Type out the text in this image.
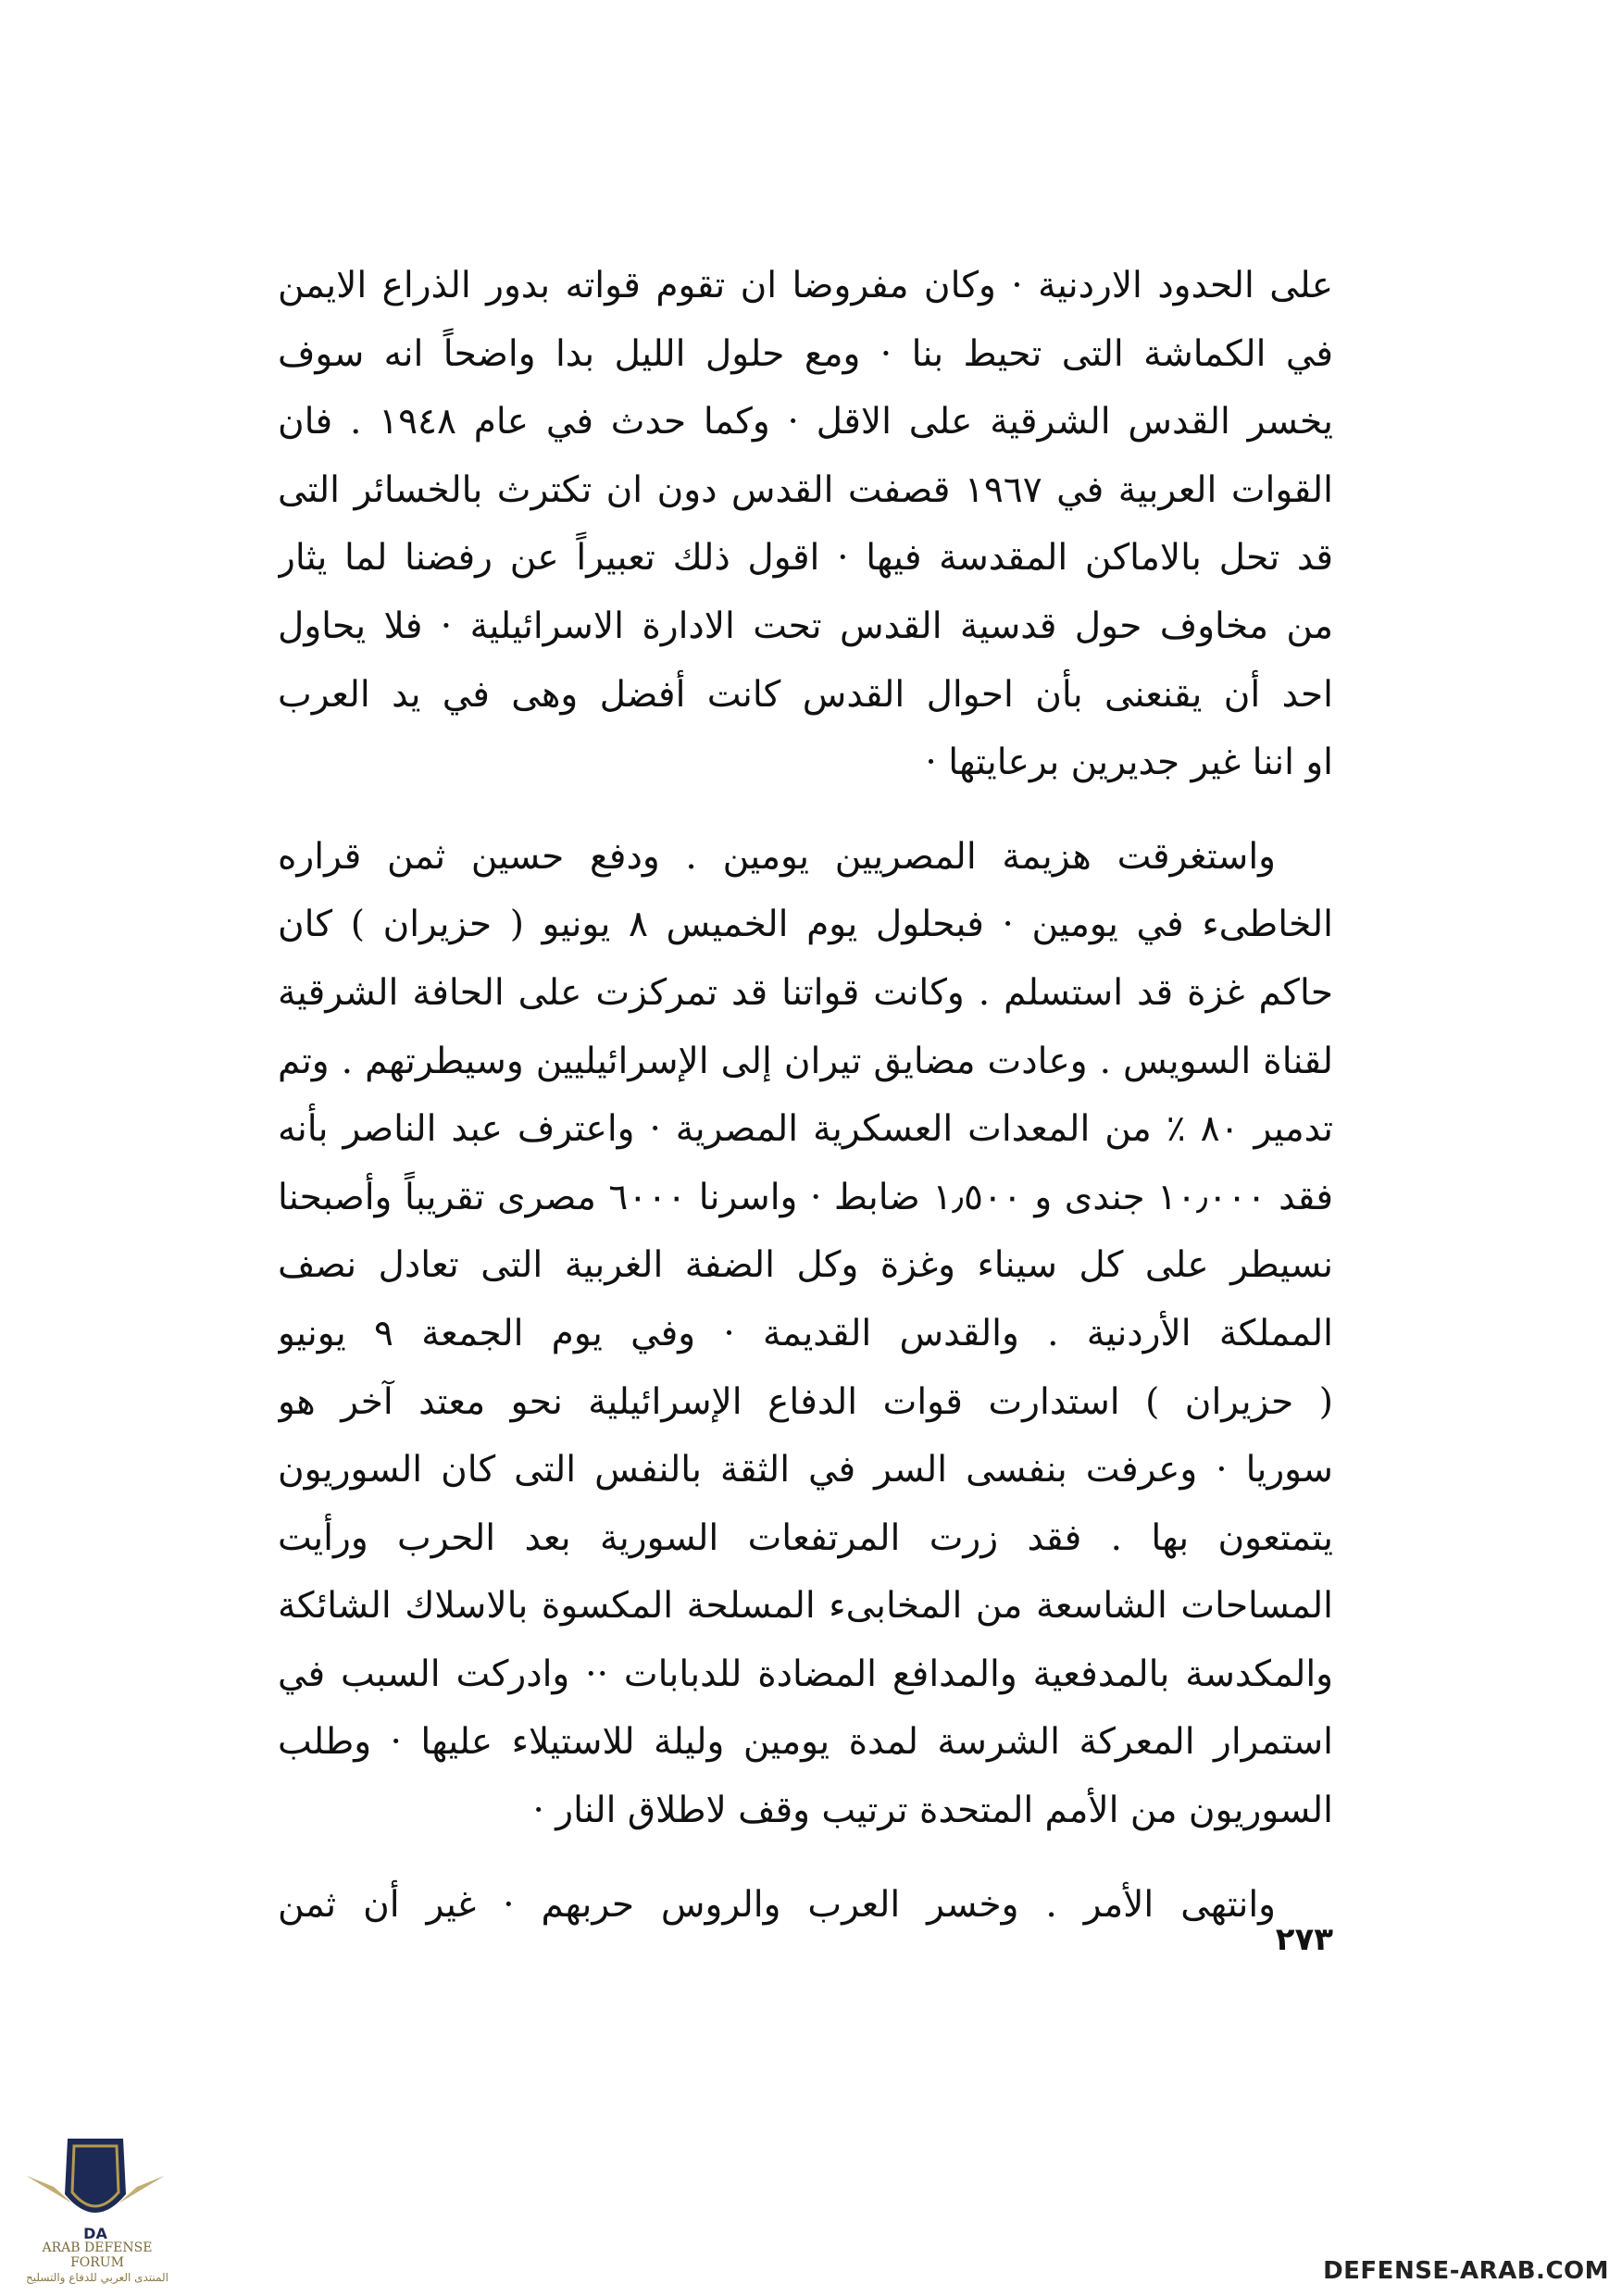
على الحدود الاردنية · وكان مفروضا ان تقوم قواته بدور الذراع الايمن
في الكماشة التى تحيط بنا · ومع حلول الليل بدا واضحاً انه سوف
يخسر القدس الشرقية على الاقل · وكما حدث في عام ١٩٤٨ . فان
القوات العربية في ١٩٦٧ قصفت القدس دون ان تكترث بالخسائر التى
قد تحل بالاماكن المقدسة فيها · اقول ذلك تعبيراً عن رفضنا لما يثار
من مخاوف حول قدسية القدس تحت الادارة الاسرائيلية · فلا يحاول
احد أن يقنعنى بأن احوال القدس كانت أفضل وهى في يد العرب
او اننا غير جديرين برعايتها ·
واستغرقت هزيمة المصريين يومين . ودفع حسين ثمن قراره
الخاطىء في يومين · فبحلول يوم الخميس ٨ يونيو ( حزيران ) كان
حاكم غزة قد استسلم . وكانت قواتنا قد تمركزت على الحافة الشرقية
لقناة السويس . وعادت مضايق تيران إلى الإسرائيليين وسيطرتهم . وتم
تدمير ٨٠ ٪ من المعدات العسكرية المصرية · واعترف عبد الناصر بأنه
فقد ١٠٫٠٠٠ جندى و ١٫٥٠٠ ضابط · واسرنا ٦٠٠٠ مصرى تقريباً وأصبحنا
نسيطر على كل سيناء وغزة وكل الضفة الغربية التى تعادل نصف
المملكة الأردنية . والقدس القديمة · وفي يوم الجمعة ٩ يونيو
( حزيران ) استدارت قوات الدفاع الإسرائيلية نحو معتد آخر هو
سوريا · وعرفت بنفسى السر في الثقة بالنفس التى كان السوريون
يتمتعون بها . فقد زرت المرتفعات السورية بعد الحرب ورأيت
المساحات الشاسعة من المخابىء المسلحة المكسوة بالاسلاك الشائكة
والمكدسة بالمدفعية والمدافع المضادة للدبابات ·· وادركت السبب في
استمرار المعركة الشرسة لمدة يومين وليلة للاستيلاء عليها · وطلب
السوريون من الأمم المتحدة ترتيب وقف لاطلاق النار ·
وانتهى الأمر . وخسر العرب والروس حربهم · غير أن ثمن
٢٧٣
DA
ARAB DEFENSE FORUM
المنتدى العربي للدفاع والتسليح	DEFENSE-ARAB.COM
